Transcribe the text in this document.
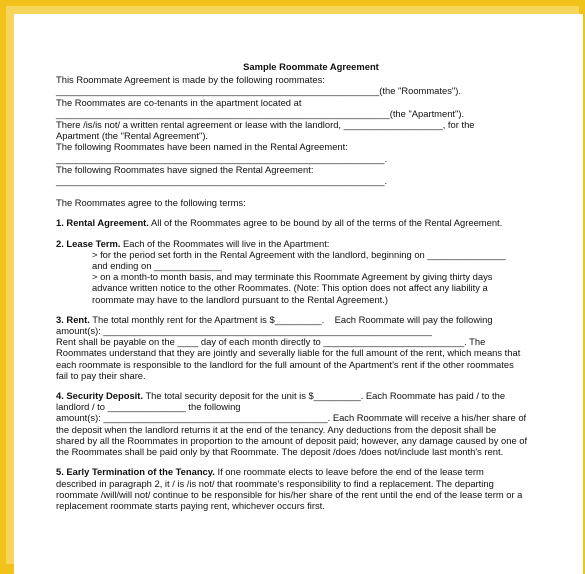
Sample Roommate Agreement
This Roommate Agreement is made by the following roommates:
______________________________________________________________(the "Roommates").
The Roommates are co-tenants in the apartment located at
________________________________________________________________(the "Apartment").
There /is/is not/ a written rental agreement or lease with the landlord, ___________________, for the
Apartment (the "Rental Agreement").
The following Roommates have been named in the Rental Agreement:
_______________________________________________________________.
The following Roommates have signed the Rental Agreement:
_______________________________________________________________.
The Roommates agree to the following terms:
1. Rental Agreement. All of the Roommates agree to be bound by all of the terms of the Rental Agreement.
2. Lease Term. Each of the Roommates will live in the Apartment:
> for the period set forth in the Rental Agreement with the landlord, beginning on _______________
and ending on _____________
> on a month-to month basis, and may terminate this Roommate Agreement by giving thirty days
advance written notice to the other Roommates. (Note: This option does not affect any liability a
roommate may have to the landlord pursuant to the Rental Agreement.)
3. Rent. The total monthly rent for the Apartment is $_________.    Each Roommate will pay the following
amount(s): _______________________________________________________________
Rent shall be payable on the ____ day of each month directly to ___________________________. The
Roommates understand that they are jointly and severally liable for the full amount of the rent, which means that
each roommate is responsible to the landlord for the full amount of the Apartment's rent if the other roommates
fail to pay their share.
4. Security Deposit. The total security deposit for the unit is $_________. Each Roommate has paid / to the
landlord / to _______________ the following
amount(s): ___________________________________________. Each Roommate will receive a his/her share of
the deposit when the landlord returns it at the end of the tenancy. Any deductions from the deposit shall be
shared by all the Roommates in proportion to the amount of deposit paid; however, any damage caused by one of
the Roommates shall be paid only by that Roommate. The deposit /does /does not/include last month's rent.
5. Early Termination of the Tenancy. If one roommate elects to leave before the end of the lease term
described in paragraph 2, it / is /is not/ that roommate's responsibility to find a replacement. The departing
roommate /will/will not/ continue to be responsible for his/her share of the rent until the end of the lease term or a
replacement roommate starts paying rent, whichever occurs first.
